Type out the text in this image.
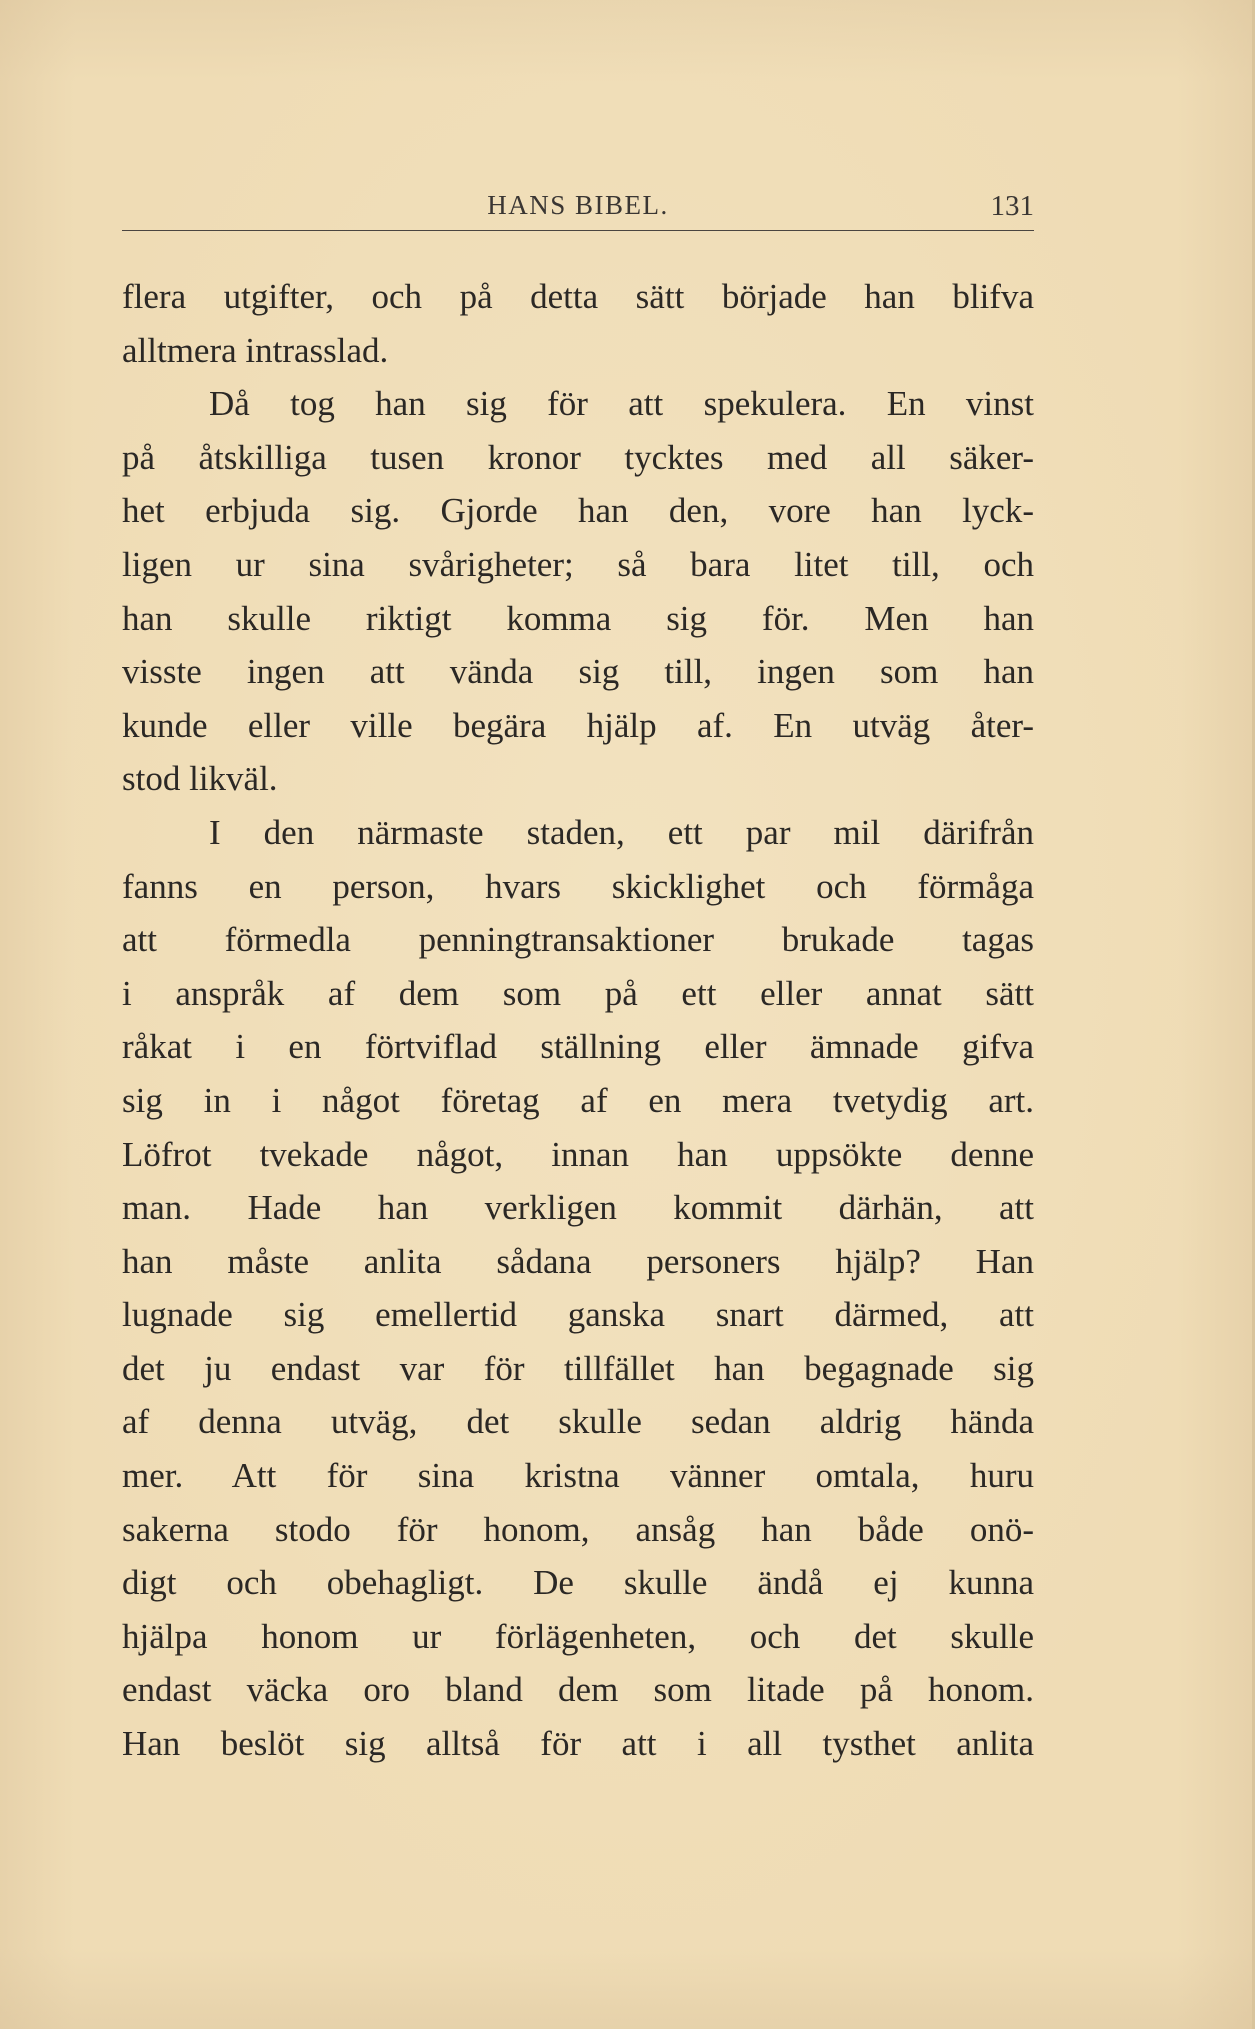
HANS BIBEL.	131
flera utgifter, och på detta sätt började han blifva
alltmera intrasslad.
Då tog han sig för att spekulera. En vinst
på åtskilliga tusen kronor tycktes med all säker-
het erbjuda sig. Gjorde han den, vore han lyck-
ligen ur sina svårigheter; så bara litet till, och
han skulle riktigt komma sig för. Men han
visste ingen att vända sig till, ingen som han
kunde eller ville begära hjälp af. En utväg åter-
stod likväl.
I den närmaste staden, ett par mil därifrån
fanns en person, hvars skicklighet och förmåga
att förmedla penningtransaktioner brukade tagas
i anspråk af dem som på ett eller annat sätt
råkat i en förtviflad ställning eller ämnade gifva
sig in i något företag af en mera tvetydig art.
Löfrot tvekade något, innan han uppsökte denne
man. Hade han verkligen kommit därhän, att
han måste anlita sådana personers hjälp? Han
lugnade sig emellertid ganska snart därmed, att
det ju endast var för tillfället han begagnade sig
af denna utväg, det skulle sedan aldrig hända
mer. Att för sina kristna vänner omtala, huru
sakerna stodo för honom, ansåg han både onö-
digt och obehagligt. De skulle ändå ej kunna
hjälpa honom ur förlägenheten, och det skulle
endast väcka oro bland dem som litade på honom.
Han beslöt sig alltså för att i all tysthet anlita
